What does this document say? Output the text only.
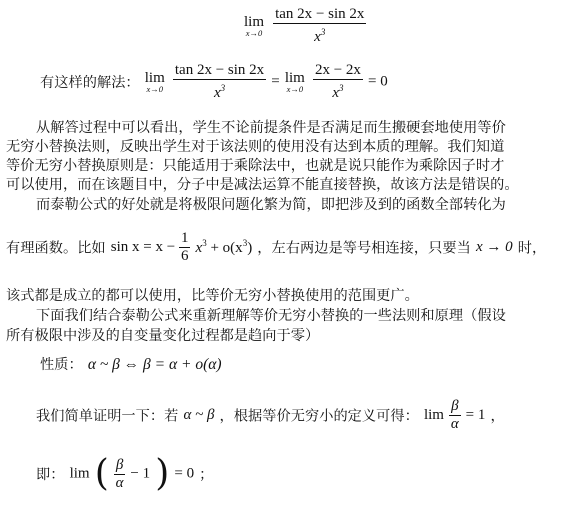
lim
x→0
$\frac{\tan 2x - \sin 2x}{x^3}$
有这样的解法： lim
x→0
$\frac{\tan 2x - \sin 2x}{x^3} = \lim$
x→0
$\frac{2x - 2x}{x^3} = 0$
从解答过程中可以看出，学生不论前提条件是否满足而生搬硬套地使用等价
无穷小替换法则，反映出学生对于该法则的使用没有达到本质的理解。我们知道
等价无穷小替换原则是：只能适用于乘除法中，也就是说只能作为乘除因子时才
可以使用，而在该题目中，分子中是减法运算不能直接替换，故该方法是错误的。
而泰勒公式的好处就是将极限问题化繁为简，即把涉及到的函数全部转化为
有理函数。比如 $\sin x = x - \frac{1}{6} x^3 + o(x^3)$ ，左右两边是等号相连接，只要当 x → 0 时，
该式都是成立的都可以使用，比等价无穷小替换使用的范围更广。
下面我们结合泰勒公式来重新理解等价无穷小替换的一些法则和原理（假设
所有极限中涉及的自变量变化过程都是趋向于零）
性质： α ~ β ⇔ β = α + o(α)
我们简单证明一下：若 α ~ β ，根据等价无穷小的定义可得： $\lim \frac{\beta}{\alpha} = 1$ ，
即： lim ( $\frac{\beta}{\alpha} - 1$ ) = 0 ；
